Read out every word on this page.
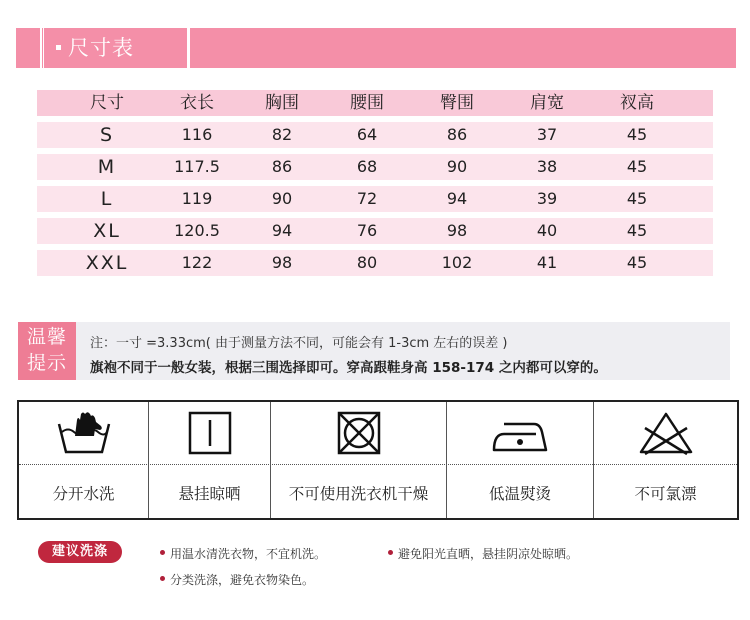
尺寸表
尺寸	衣长	胸围	腰围	臀围	肩宽	衩高
S	116	82	64	86	37	45
M	117.5	86	68	90	38	45
L	119	90	72	94	39	45
XL	120.5	94	76	98	40	45
XXL	122	98	80	102	41	45
温馨
提示
注：一寸 =3.33cm( 由于测量方法不同，可能会有 1-3cm 左右的误差 )
旗袍不同于一般女装，根据三围选择即可。穿高跟鞋身高 158-174 之内都可以穿的。
分开水洗	悬挂晾晒	不可使用洗衣机干燥	低温熨烫	不可氯漂
建议洗涤	用温水清洗衣物，不宜机洗。	避免阳光直晒，悬挂阴凉处晾晒。
分类洗涤，避免衣物染色。
